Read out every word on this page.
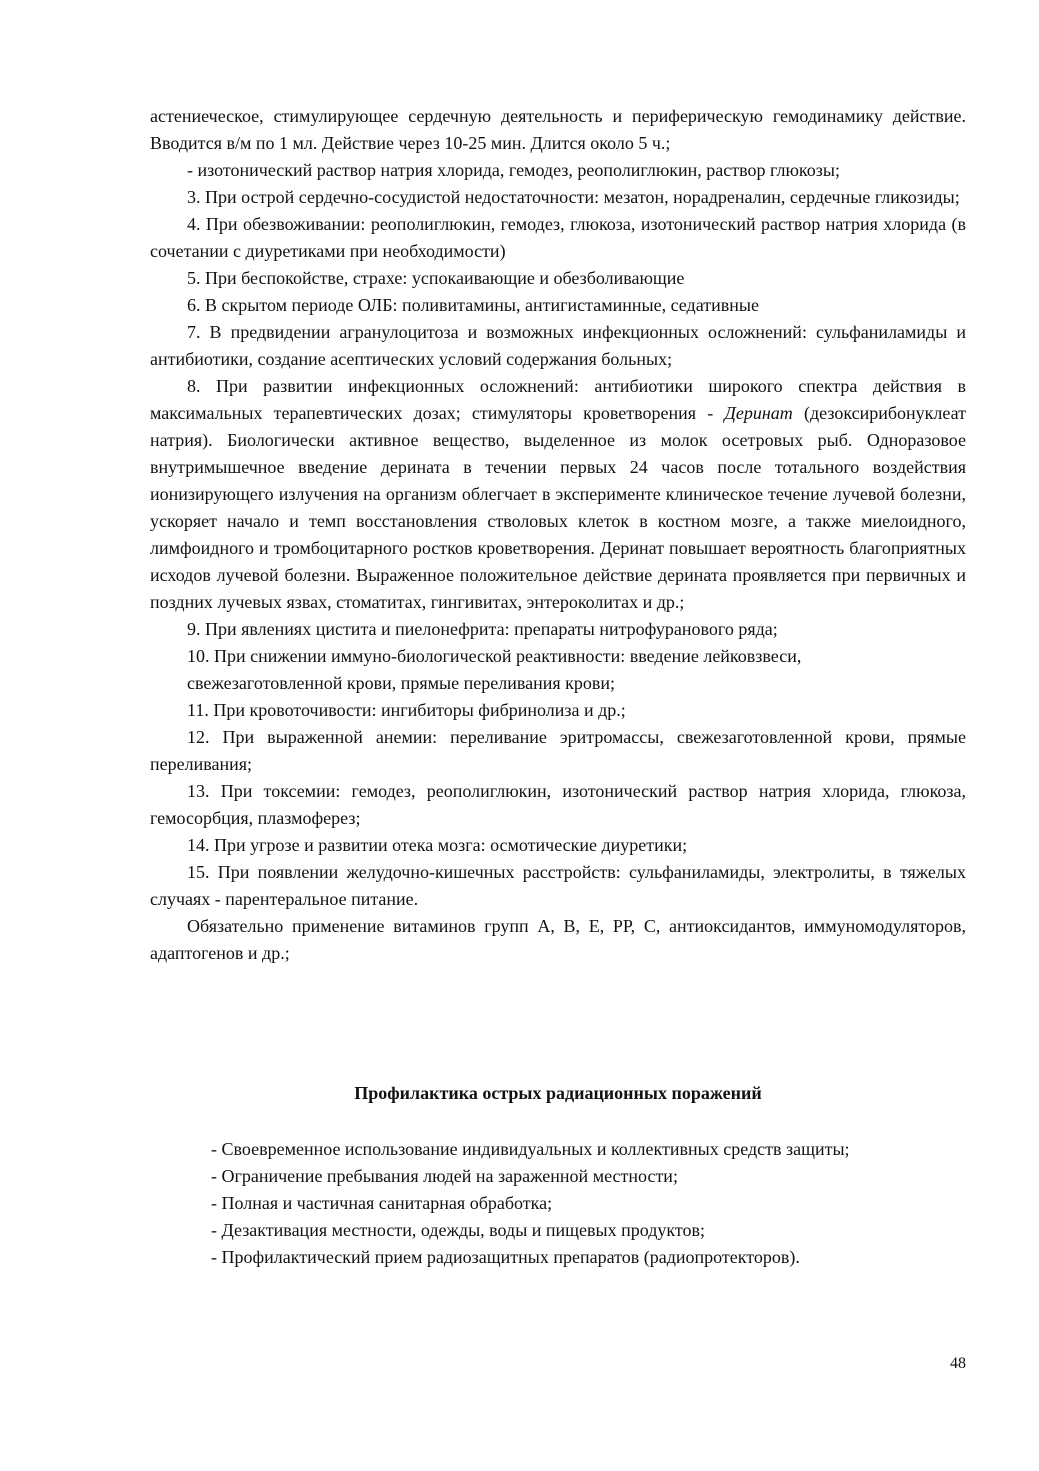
астениеческое, стимулирующее сердечную деятельность и периферическую гемодинамику действие. Вводится в/м по 1 мл. Действие через 10-25 мин. Длится около 5 ч.;

- изотонический раствор натрия хлорида, гемодез, реополиглюкин, раствор глюкозы;

3. При острой сердечно-сосудистой недостаточности: мезатон, норадреналин, сердечные гликозиды;

4. При обезвоживании: реополиглюкин, гемодез, глюкоза, изотонический раствор натрия хлорида (в сочетании с диуретиками при необходимости)

5. При беспокойстве, страхе: успокаивающие и обезболивающие

6. В скрытом периоде ОЛБ: поливитамины, антигистаминные, седативные

7. В предвидении агранулоцитоза и возможных инфекционных осложнений: сульфаниламиды и антибиотики, создание асептических условий содержания больных;

8. При развитии инфекционных осложнений: антибиотики широкого спектра действия в максимальных терапевтических дозах; стимуляторы кроветворения - Деринат (дезоксирибонуклеат натрия). Биологически активное вещество, выделенное из молок осетровых рыб. Одноразовое внутримышечное введение дерината в течении первых 24 часов после тотального воздействия ионизирующего излучения на организм облегчает в эксперименте клиническое течение лучевой болезни, ускоряет начало и темп восстановления стволовых клеток в костном мозге, а также миелоидного, лимфоидного и тромбоцитарного ростков кроветворения. Деринат повышает вероятность благоприятных исходов лучевой болезни. Выраженное положительное действие дерината проявляется при первичных и поздних лучевых язвах, стоматитах, гингивитах, энтероколитах и др.;

9. При явлениях цистита и пиелонефрита: препараты нитрофуранового ряда;

10. При снижении иммуно-биологической реактивности: введение лейковзвеси,

свежезаготовленной крови, прямые переливания крови;

11. При кровоточивости: ингибиторы фибринолиза и др.;

12. При выраженной анемии: переливание эритромассы, свежезаготовленной крови, прямые переливания;

13. При токсемии: гемодез, реополиглюкин, изотонический раствор натрия хлорида, глюкоза, гемосорбция, плазмоферез;

14. При угрозе и развитии отека мозга: осмотические диуретики;

15. При появлении желудочно-кишечных расстройств: сульфаниламиды, электролиты, в тяжелых случаях - парентеральное питание.

Обязательно применение витаминов групп А, В, Е, РР, С, антиоксидантов, иммуномодуляторов, адаптогенов и др.;

Профилактика острых радиационных поражений
- Своевременное использование индивидуальных и коллективных средств защиты;
- Ограничение пребывания людей на зараженной местности;
- Полная и частичная санитарная обработка;
- Дезактивация местности, одежды, воды и пищевых продуктов;
- Профилактический прием радиозащитных препаратов (радиопротекторов).
48
